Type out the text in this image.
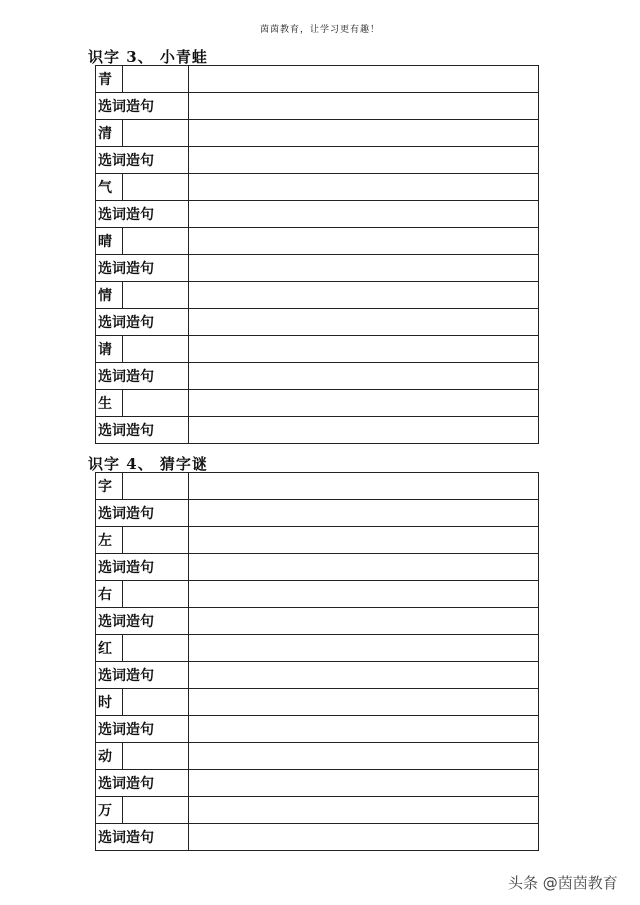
茵茵教育，让学习更有趣！
识字 3、 小青蛙
青		
选词造句		
清		
选词造句		
气		
选词造句		
晴		
选词造句		
情		
选词造句		
请		
选词造句		
生		
选词造句		
识字 4、 猜字谜
字		
选词造句		
左		
选词造句		
右		
选词造句		
红		
选词造句		
时		
选词造句		
动		
选词造句		
万		
选词造句		
头条 @茵茵教育
